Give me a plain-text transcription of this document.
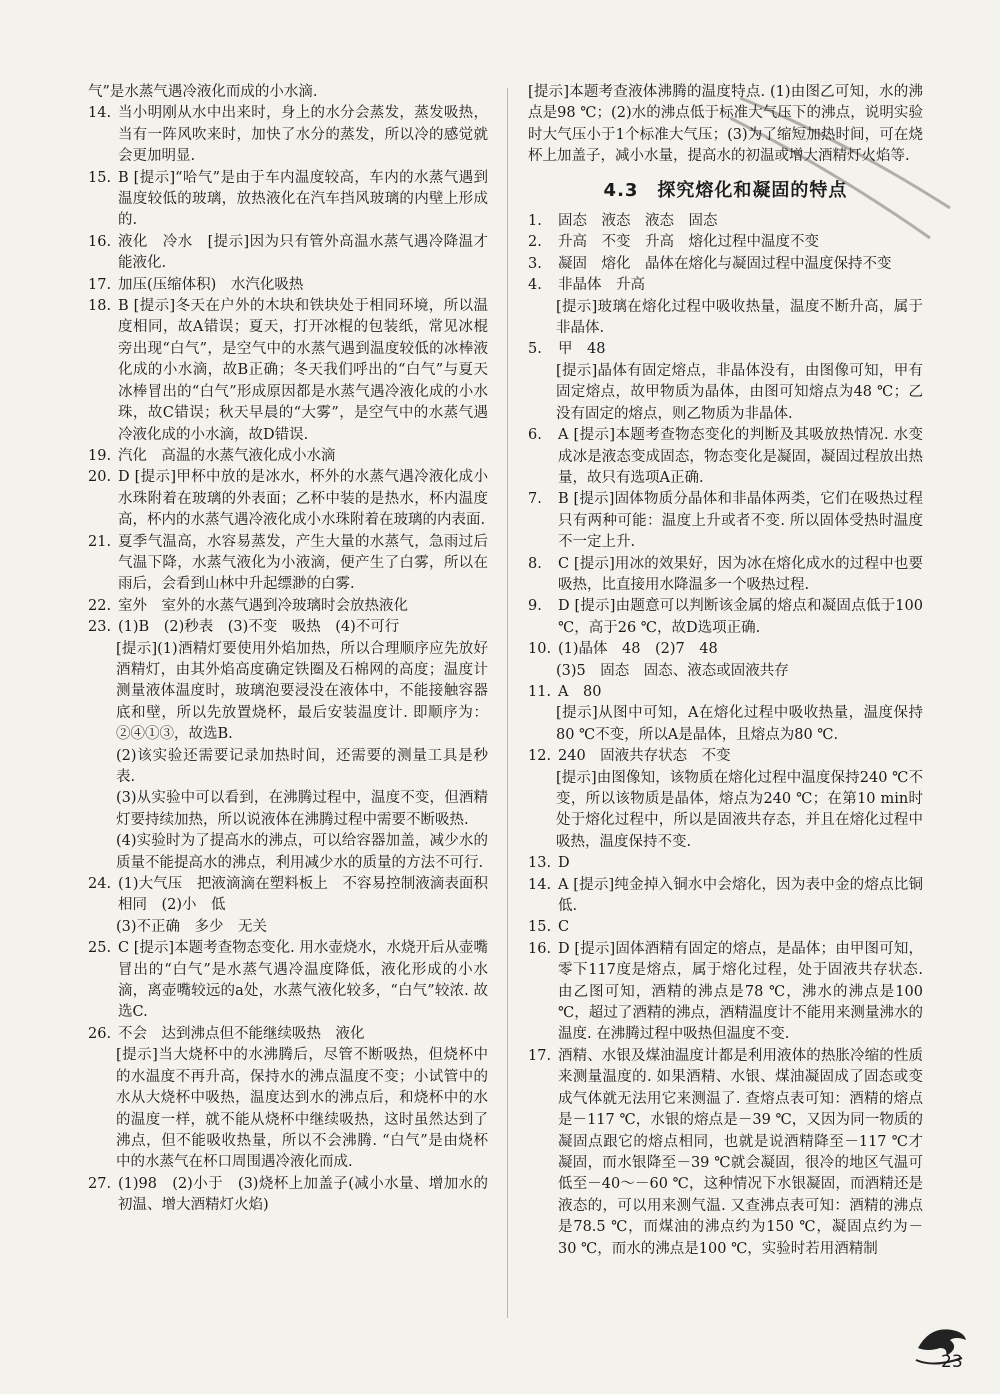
气”是水蒸气遇冷液化而成的小水滴.
14. 当小明刚从水中出来时，身上的水分会蒸发，蒸发吸热，当有一阵风吹来时，加快了水分的蒸发，所以冷的感觉就会更加明显.
15. B [提示]“哈气”是由于车内温度较高，车内的水蒸气遇到温度较低的玻璃，放热液化在汽车挡风玻璃的内壁上形成的.
16. 液化　冷水　[提示]因为只有管外高温水蒸气遇冷降温才能液化.
17. 加压(压缩体积)　水汽化吸热
18. B [提示]冬天在户外的木块和铁块处于相同环境，所以温度相同，故A错误；夏天，打开冰棍的包装纸，常见冰棍旁出现“白气”，是空气中的水蒸气遇到温度较低的冰棒液化成的小水滴，故B正确；冬天我们呼出的“白气”与夏天冰棒冒出的“白气”形成原因都是水蒸气遇冷液化成的小水珠，故C错误；秋天早晨的“大雾”，是空气中的水蒸气遇冷液化成的小水滴，故D错误.
19. 汽化　高温的水蒸气液化成小水滴
20. D [提示]甲杯中放的是冰水，杯外的水蒸气遇冷液化成小水珠附着在玻璃的外表面；乙杯中装的是热水，杯内温度高，杯内的水蒸气遇冷液化成小水珠附着在玻璃的内表面.
21. 夏季气温高，水容易蒸发，产生大量的水蒸气，急雨过后气温下降，水蒸气液化为小液滴，便产生了白雾，所以在雨后，会看到山林中升起缥渺的白雾.
22. 室外　室外的水蒸气遇到冷玻璃时会放热液化
23. (1)B　(2)秒表　(3)不变　吸热　(4)不可行
[提示](1)酒精灯要使用外焰加热，所以合理顺序应先放好酒精灯，由其外焰高度确定铁圈及石棉网的高度；温度计测量液体温度时，玻璃泡要浸没在液体中，不能接触容器底和壁，所以先放置烧杯，最后安装温度计. 即顺序为：②④①③，故选B.
(2)该实验还需要记录加热时间，还需要的测量工具是秒表.
(3)从实验中可以看到，在沸腾过程中，温度不变，但酒精灯要持续加热，所以说液体在沸腾过程中需要不断吸热.
(4)实验时为了提高水的沸点，可以给容器加盖，减少水的质量不能提高水的沸点，利用减少水的质量的方法不可行.
24. (1)大气压　把液滴滴在塑料板上　不容易控制液滴表面积相同　(2)小　低
(3)不正确　多少　无关
25. C [提示]本题考查物态变化. 用水壶烧水，水烧开后从壶嘴冒出的“白气”是水蒸气遇冷温度降低，液化形成的小水滴，离壶嘴较远的a处，水蒸气液化较多，“白气”较浓. 故选C.
26. 不会　达到沸点但不能继续吸热　液化
[提示]当大烧杯中的水沸腾后，尽管不断吸热，但烧杯中的水温度不再升高，保持水的沸点温度不变；小试管中的水从大烧杯中吸热，温度达到水的沸点后，和烧杯中的水的温度一样，就不能从烧杯中继续吸热，这时虽然达到了沸点，但不能吸收热量，所以不会沸腾. “白气”是由烧杯中的水蒸气在杯口周围遇冷液化而成.
27. (1)98　(2)小于　(3)烧杯上加盖子(减小水量、增加水的初温、增大酒精灯火焰)
[提示]本题考查液体沸腾的温度特点. (1)由图乙可知，水的沸点是98 ℃；(2)水的沸点低于标准大气压下的沸点，说明实验时大气压小于1个标准大气压；(3)为了缩短加热时间，可在烧杯上加盖子，减小水量，提高水的初温或增大酒精灯火焰等.
4.3　探究熔化和凝固的特点
1.	固态　液态　液态　固态
2.	升高　不变　升高　熔化过程中温度不变
3.	凝固　熔化　晶体在熔化与凝固过程中温度保持不变
4.	非晶体　升高
[提示]玻璃在熔化过程中吸收热量，温度不断升高，属于非晶体.
5.	甲　48
[提示]晶体有固定熔点，非晶体没有，由图像可知，甲有固定熔点，故甲物质为晶体，由图可知熔点为48 ℃；乙没有固定的熔点，则乙物质为非晶体.
6.	A [提示]本题考查物态变化的判断及其吸放热情况. 水变成冰是液态变成固态，物态变化是凝固，凝固过程放出热量，故只有选项A正确.
7.	B [提示]固体物质分晶体和非晶体两类，它们在吸热过程只有两种可能：温度上升或者不变. 所以固体受热时温度不一定上升.
8.	C [提示]用冰的效果好，因为冰在熔化成水的过程中也要吸热，比直接用水降温多一个吸热过程.
9.	D [提示]由题意可以判断该金属的熔点和凝固点低于100 ℃，高于26 ℃，故D选项正确.
10. (1)晶体　48　(2)7　48
(3)5　固态　固态、液态或固液共存
11. A　80
[提示]从图中可知，A在熔化过程中吸收热量，温度保持80 ℃不变，所以A是晶体，且熔点为80 ℃.
12. 240　固液共存状态　不变
[提示]由图像知，该物质在熔化过程中温度保持240 ℃不变，所以该物质是晶体，熔点为240 ℃；在第10 min时处于熔化过程中，所以是固液共存态，并且在熔化过程中吸热，温度保持不变.
13. D
14. A [提示]纯金掉入铜水中会熔化，因为表中金的熔点比铜低.
15. C
16. D [提示]固体酒精有固定的熔点，是晶体；由甲图可知，零下117度是熔点，属于熔化过程，处于固液共存状态. 由乙图可知，酒精的沸点是78 ℃，沸水的沸点是100 ℃，超过了酒精的沸点，酒精温度计不能用来测量沸水的温度. 在沸腾过程中吸热但温度不变.
17. 酒精、水银及煤油温度计都是利用液体的热胀冷缩的性质来测量温度的. 如果酒精、水银、煤油凝固成了固态或变成气体就无法用它来测温了. 查熔点表可知：酒精的熔点是－117 ℃，水银的熔点是－39 ℃，又因为同一物质的凝固点跟它的熔点相同，也就是说酒精降至－117 ℃才凝固，而水银降至－39 ℃就会凝固，很冷的地区气温可低至－40～－60 ℃，这种情况下水银凝固，而酒精还是液态的，可以用来测气温. 又查沸点表可知：酒精的沸点是78.5 ℃，而煤油的沸点约为150 ℃，凝固点约为－30 ℃，而水的沸点是100 ℃，实验时若用酒精制
23
